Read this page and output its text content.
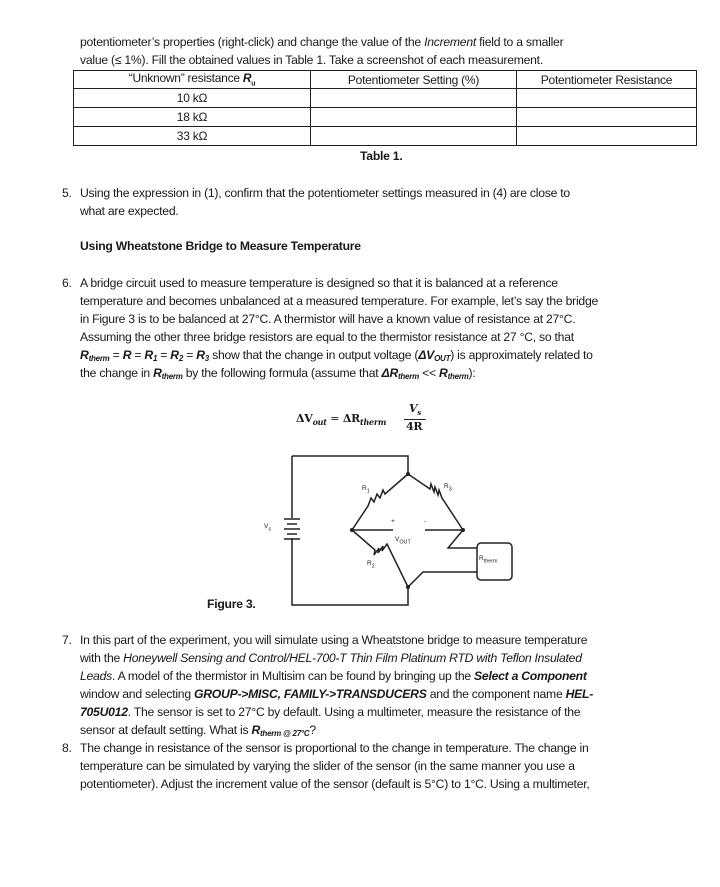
“Unknown” resistance $R_u$	Potentiometer Setting (%)	Potentiometer Resistance
10 kΩ		
18 kΩ		
33 kΩ		
Table 1.
Using Wheatstone Bridge to Measure Temperature
$\Delta V_{out} = \Delta R_{therm}$
$V_s$
4R
$V_s$
$R_1$
$R_3$
$R_2$
$V_{OUT}$
+	-
$R_{therm}$
Figure 3.
potentiometer’s properties (right-click) and change the value of the Increment field to a smaller
value (≤ 1%). Fill the obtained values in Table 1. Take a screenshot of each measurement.
5. Using the expression in (1), confirm that the potentiometer settings measured in (4) are close to
what are expected.
6. A bridge circuit used to measure temperature is designed so that it is balanced at a reference
temperature and becomes unbalanced at a measured temperature. For example, let’s say the bridge
in Figure 3 is to be balanced at 27°C. A thermistor will have a known value of resistance at 27°C.
Assuming the other three bridge resistors are equal to the thermistor resistance at 27 °C, so that
$R_{therm} = R = R_1 = R_2 = R_3$ show that the change in output voltage $(\Delta V_{OUT})$ is approximately related to
the change in $R_{therm}$ by the following formula (assume that $\Delta R_{therm} << R_{therm}$):
7. In this part of the experiment, you will simulate using a Wheatstone bridge to measure temperature
with the Honeywell Sensing and Control/HEL-700-T Thin Film Platinum RTD with Teflon Insulated
Leads. A model of the thermistor in Multisim can be found by bringing up the Select a Component
window and selecting GROUP->MISC, FAMILY->TRANSDUCERS and the component name HEL-
705U012. The sensor is set to 27°C by default. Using a multimeter, measure the resistance of the
sensor at default setting. What is $R_{therm @ 27^\circ C}$?
8. The change in resistance of the sensor is proportional to the change in temperature. The change in
temperature can be simulated by varying the slider of the sensor (in the same manner you use a
potentiometer). Adjust the increment value of the sensor (default is 5°C) to 1°C. Using a multimeter,
